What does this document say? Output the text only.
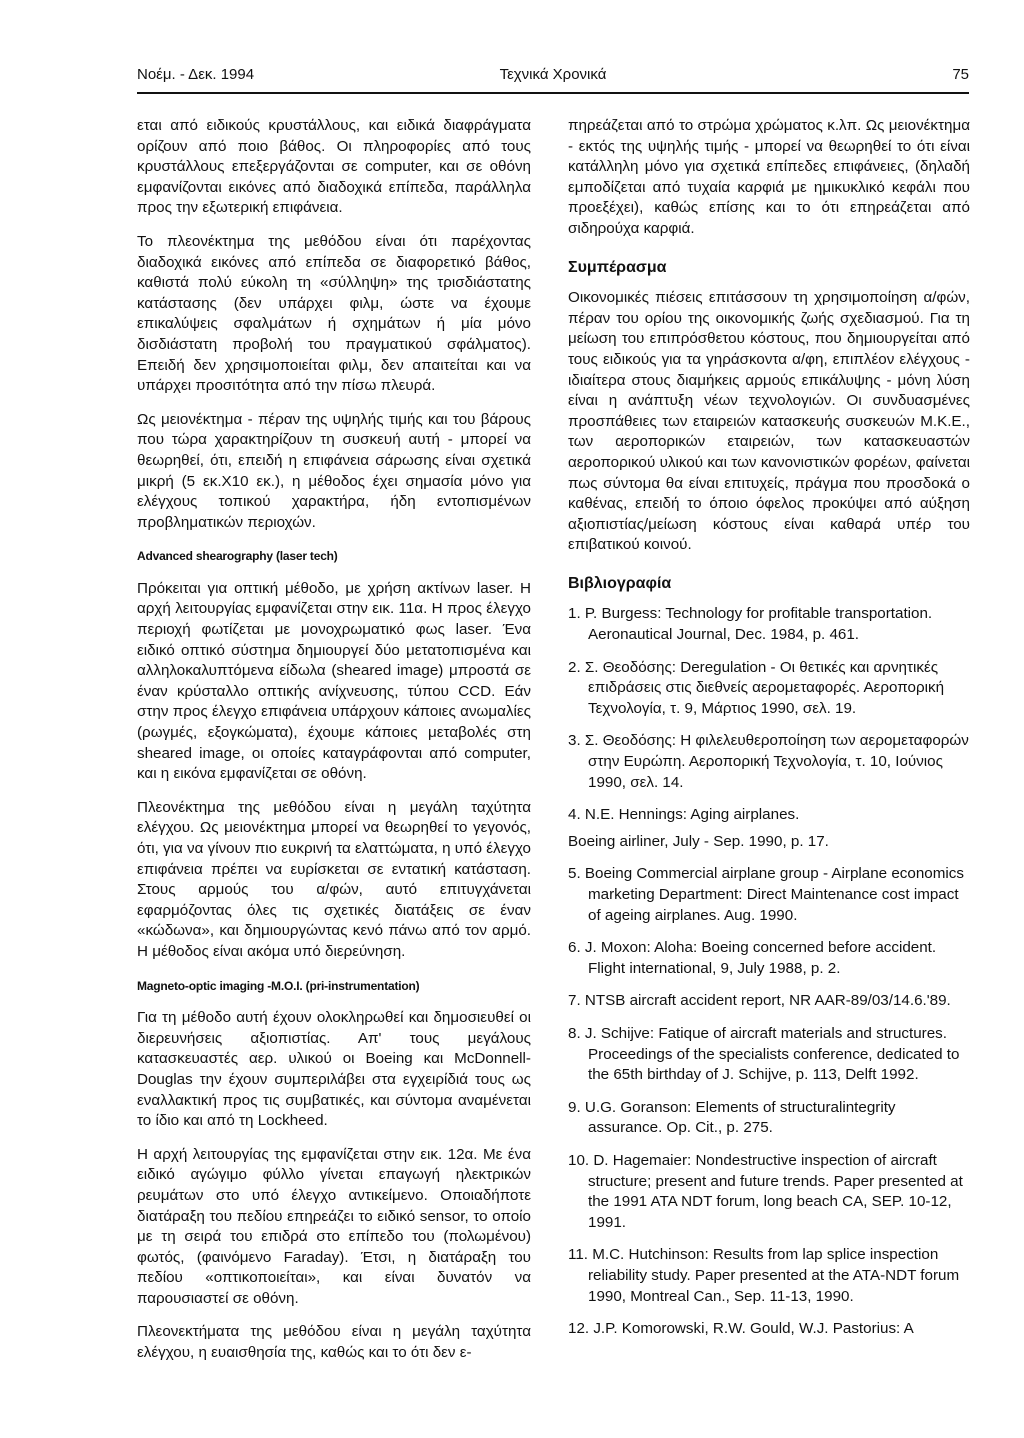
Νοέμ. - Δεκ. 1994	Τεχνικά Χρονικά	75

εται από ειδικούς κρυστάλλους, και ειδικά διαφράγματα ορίζουν από ποιο βάθος. Οι πληροφορίες από τους κρυστάλλους επεξεργάζονται σε computer, και σε οθόνη εμφανίζονται εικόνες από διαδοχικά επίπεδα, παράλληλα προς την εξωτερική επιφάνεια.

Το πλεονέκτημα της μεθόδου είναι ότι παρέχοντας διαδοχικά εικόνες από επίπεδα σε διαφορετικό βάθος, καθιστά πολύ εύκολη τη «σύλληψη» της τρισδιάστατης κατάστασης (δεν υπάρχει φιλμ, ώστε να έχουμε επικαλύψεις σφαλμάτων ή σχημάτων ή μία μόνο δισδιάστατη προβολή του πραγματικού σφάλματος). Επειδή δεν χρησιμοποιείται φιλμ, δεν απαιτείται και να υπάρχει προσιτότητα από την πίσω πλευρά.

Ως μειονέκτημα - πέραν της υψηλής τιμής και του βάρους που τώρα χαρακτηρίζουν τη συσκευή αυτή - μπορεί να θεωρηθεί, ότι, επειδή η επιφάνεια σάρωσης είναι σχετικά μικρή (5 εκ.Χ10 εκ.), η μέθοδος έχει σημασία μόνο για ελέγχους τοπικού χαρακτήρα, ήδη εντοπισμένων προβληματικών περιοχών.

Advanced shearography (laser tech)

Πρόκειται για οπτική μέθοδο, με χρήση ακτίνων laser. Η αρχή λειτουργίας εμφανίζεται στην εικ. 11α. Η προς έλεγχο περιοχή φωτίζεται με μονοχρωματικό φως laser. Ένα ειδικό οπτικό σύστημα δημιουργεί δύο μετατοπισμένα και αλληλοκαλυπτόμενα είδωλα (sheared image) μπροστά σε έναν κρύσταλλο οπτικής ανίχνευσης, τύπου CCD. Εάν στην προς έλεγχο επιφάνεια υπάρχουν κάποιες ανωμαλίες (ρωγμές, εξογκώματα), έχουμε κάποιες μεταβολές στη sheared image, οι οποίες καταγράφονται από computer, και η εικόνα εμφανίζεται σε οθόνη.

Πλεονέκτημα της μεθόδου είναι η μεγάλη ταχύτητα ελέγχου. Ως μειονέκτημα μπορεί να θεωρηθεί το γεγονός, ότι, για να γίνουν πιο ευκρινή τα ελαττώματα, η υπό έλεγχο επιφάνεια πρέπει να ευρίσκεται σε εντατική κατάσταση. Στους αρμούς του α/φών, αυτό επιτυγχάνεται εφαρμόζοντας όλες τις σχετικές διατάξεις σε έναν «κώδωνα», και δημιουργώντας κενό πάνω από τον αρμό. Η μέθοδος είναι ακόμα υπό διερεύνηση.

Magneto-optic imaging -M.O.I. (pri-instrumentation)

Για τη μέθοδο αυτή έχουν ολοκληρωθεί και δημοσιευθεί οι διερευνήσεις αξιοπιστίας. Απ' τους μεγάλους κατασκευαστές αερ. υλικού οι Boeing και McDonnell-Douglas την έχουν συμπεριλάβει στα εγχειρίδιά τους ως εναλλακτική προς τις συμβατικές, και σύντομα αναμένεται το ίδιο και από τη Lockheed.

Η αρχή λειτουργίας της εμφανίζεται στην εικ. 12α. Με ένα ειδικό αγώγιμο φύλλο γίνεται επαγωγή ηλεκτρικών ρευμάτων στο υπό έλεγχο αντικείμενο. Οποιαδήποτε διατάραξη του πεδίου επηρεάζει το ειδικό sensor, το οποίο με τη σειρά του επιδρά στο επίπεδο του (πολωμένου) φωτός, (φαινόμενο Faraday). Έτσι, η διατάραξη του πεδίου «οπτικοποιείται», και είναι δυνατόν να παρουσιαστεί σε οθόνη.

Πλεονεκτήματα της μεθόδου είναι η μεγάλη ταχύτητα ελέγχου, η ευαισθησία της, καθώς και το ότι δεν ε-

πηρεάζεται από το στρώμα χρώματος κ.λπ. Ως μειονέκτημα - εκτός της υψηλής τιμής - μπορεί να θεωρηθεί το ότι είναι κατάλληλη μόνο για σχετικά επίπεδες επιφάνειες, (δηλαδή εμποδίζεται από τυχαία καρφιά με ημικυκλικό κεφάλι που προεξέχει), καθώς επίσης και το ότι επηρεάζεται από σιδηρούχα καρφιά.

Συμπέρασμα

Οικονομικές πιέσεις επιτάσσουν τη χρησιμοποίηση α/φών, πέραν του ορίου της οικονομικής ζωής σχεδιασμού. Για τη μείωση του επιπρόσθετου κόστους, που δημιουργείται από τους ειδικούς για τα γηράσκοντα α/φη, επιπλέον ελέγχους - ιδιαίτερα στους διαμήκεις αρμούς επικάλυψης - μόνη λύση είναι η ανάπτυξη νέων τεχνολογιών. Οι συνδυασμένες προσπάθειες των εταιρειών κατασκευής συσκευών M.K.E., των αεροπορικών εταιρειών, των κατασκευαστών αεροπορικού υλικού και των κανονιστικών φορέων, φαίνεται πως σύντομα θα είναι επιτυχείς, πράγμα που προσδοκά ο καθένας, επειδή το όποιο όφελος προκύψει από αύξηση αξιοπιστίας/μείωση κόστους είναι καθαρά υπέρ του επιβατικού κοινού.

Βιβλιογραφία
1. P. Burgess: Technology for profitable transportation. Aeronautical Journal, Dec. 1984, p. 461.
2. Σ. Θεοδόσης: Deregulation - Οι θετικές και αρνητικές επιδράσεις στις διεθνείς αερομεταφορές. Αεροπορική Τεχνολογία, τ. 9, Μάρτιος 1990, σελ. 19.
3. Σ. Θεοδόσης: Η φιλελευθεροποίηση των αερομεταφορών στην Ευρώπη. Αεροπορική Τεχνολογία, τ. 10, Ιούνιος 1990, σελ. 14.
4. N.E. Hennings: Aging airplanes.
Boeing airliner, July - Sep. 1990, p. 17.
5. Boeing Commercial airplane group - Airplane economics marketing Department: Direct Maintenance cost impact of ageing airplanes. Aug. 1990.
6. J. Moxon: Aloha: Boeing concerned before accident. Flight international, 9, July 1988, p. 2.
7. NTSB aircraft accident report, NR AAR-89/03/14.6.'89.
8. J. Schijve: Fatique of aircraft materials and structures. Proceedings of the specialists conference, dedicated to the 65th birthday of J. Schijve, p. 113, Delft 1992.
9. U.G. Goranson: Elements of structuralintegrity assurance. Op. Cit., p. 275.
10. D. Hagemaier: Nondestructive inspection of aircraft structure; present and future trends. Paper presented at the 1991 ATA NDT forum, long beach CA, SEP. 10-12, 1991.
11. M.C. Hutchinson: Results from lap splice inspection reliability study. Paper presented at the ATA-NDT forum 1990, Montreal Can., Sep. 11-13, 1990.
12. J.P. Komorowski, R.W. Gould, W.J. Pastorius: A
